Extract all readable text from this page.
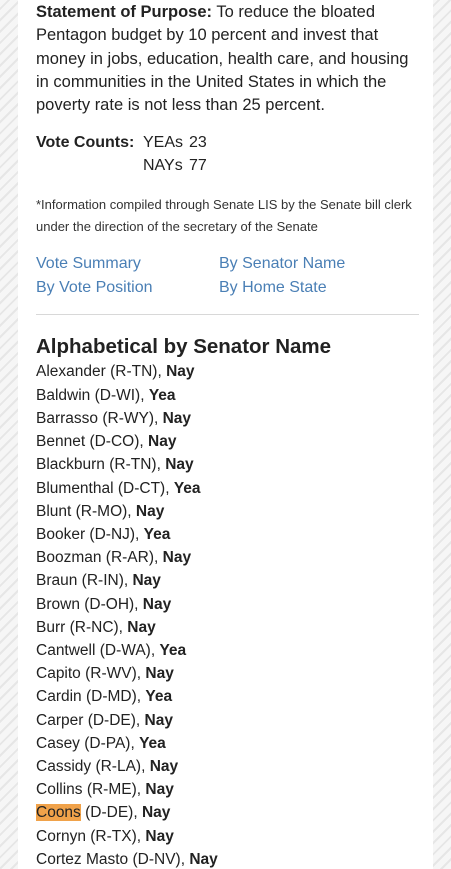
Statement of Purpose: To reduce the bloated Pentagon budget by 10 percent and invest that money in jobs, education, health care, and housing in communities in the United States in which the poverty rate is not less than 25 percent.

Vote Counts: YEAs 23
NAYs 77
*Information compiled through Senate LIS by the Senate bill clerk under the direction of the secretary of the Senate
Vote Summary	By Senator Name
By Vote Position	By Home State
Alphabetical by Senator Name
Alexander (R-TN), Nay
Baldwin (D-WI), Yea
Barrasso (R-WY), Nay
Bennet (D-CO), Nay
Blackburn (R-TN), Nay
Blumenthal (D-CT), Yea
Blunt (R-MO), Nay
Booker (D-NJ), Yea
Boozman (R-AR), Nay
Braun (R-IN), Nay
Brown (D-OH), Nay
Burr (R-NC), Nay
Cantwell (D-WA), Yea
Capito (R-WV), Nay
Cardin (D-MD), Yea
Carper (D-DE), Nay
Casey (D-PA), Yea
Cassidy (R-LA), Nay
Collins (R-ME), Nay
Coons (D-DE), Nay
Cornyn (R-TX), Nay
Cortez Masto (D-NV), Nay
